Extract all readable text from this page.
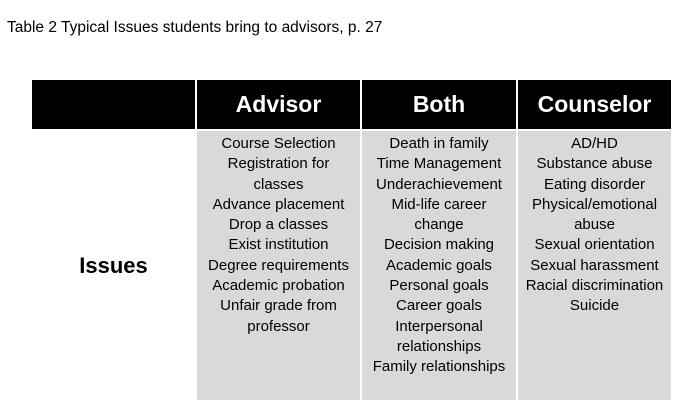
Table 2 Typical Issues students bring to advisors, p. 27
Advisor	Both	Counselor
Issues
Course Selection
Registration for
classes
Advance placement
Drop a classes
Exist institution
Degree requirements
Academic probation
Unfair grade from
professor
Death in family
Time Management
Underachievement
Mid-life career
change
Decision making
Academic goals
Personal goals
Career goals
Interpersonal
relationships
Family relationships
AD/HD
Substance abuse
Eating disorder
Physical/emotional
abuse
Sexual orientation
Sexual harassment
Racial discrimination
Suicide
